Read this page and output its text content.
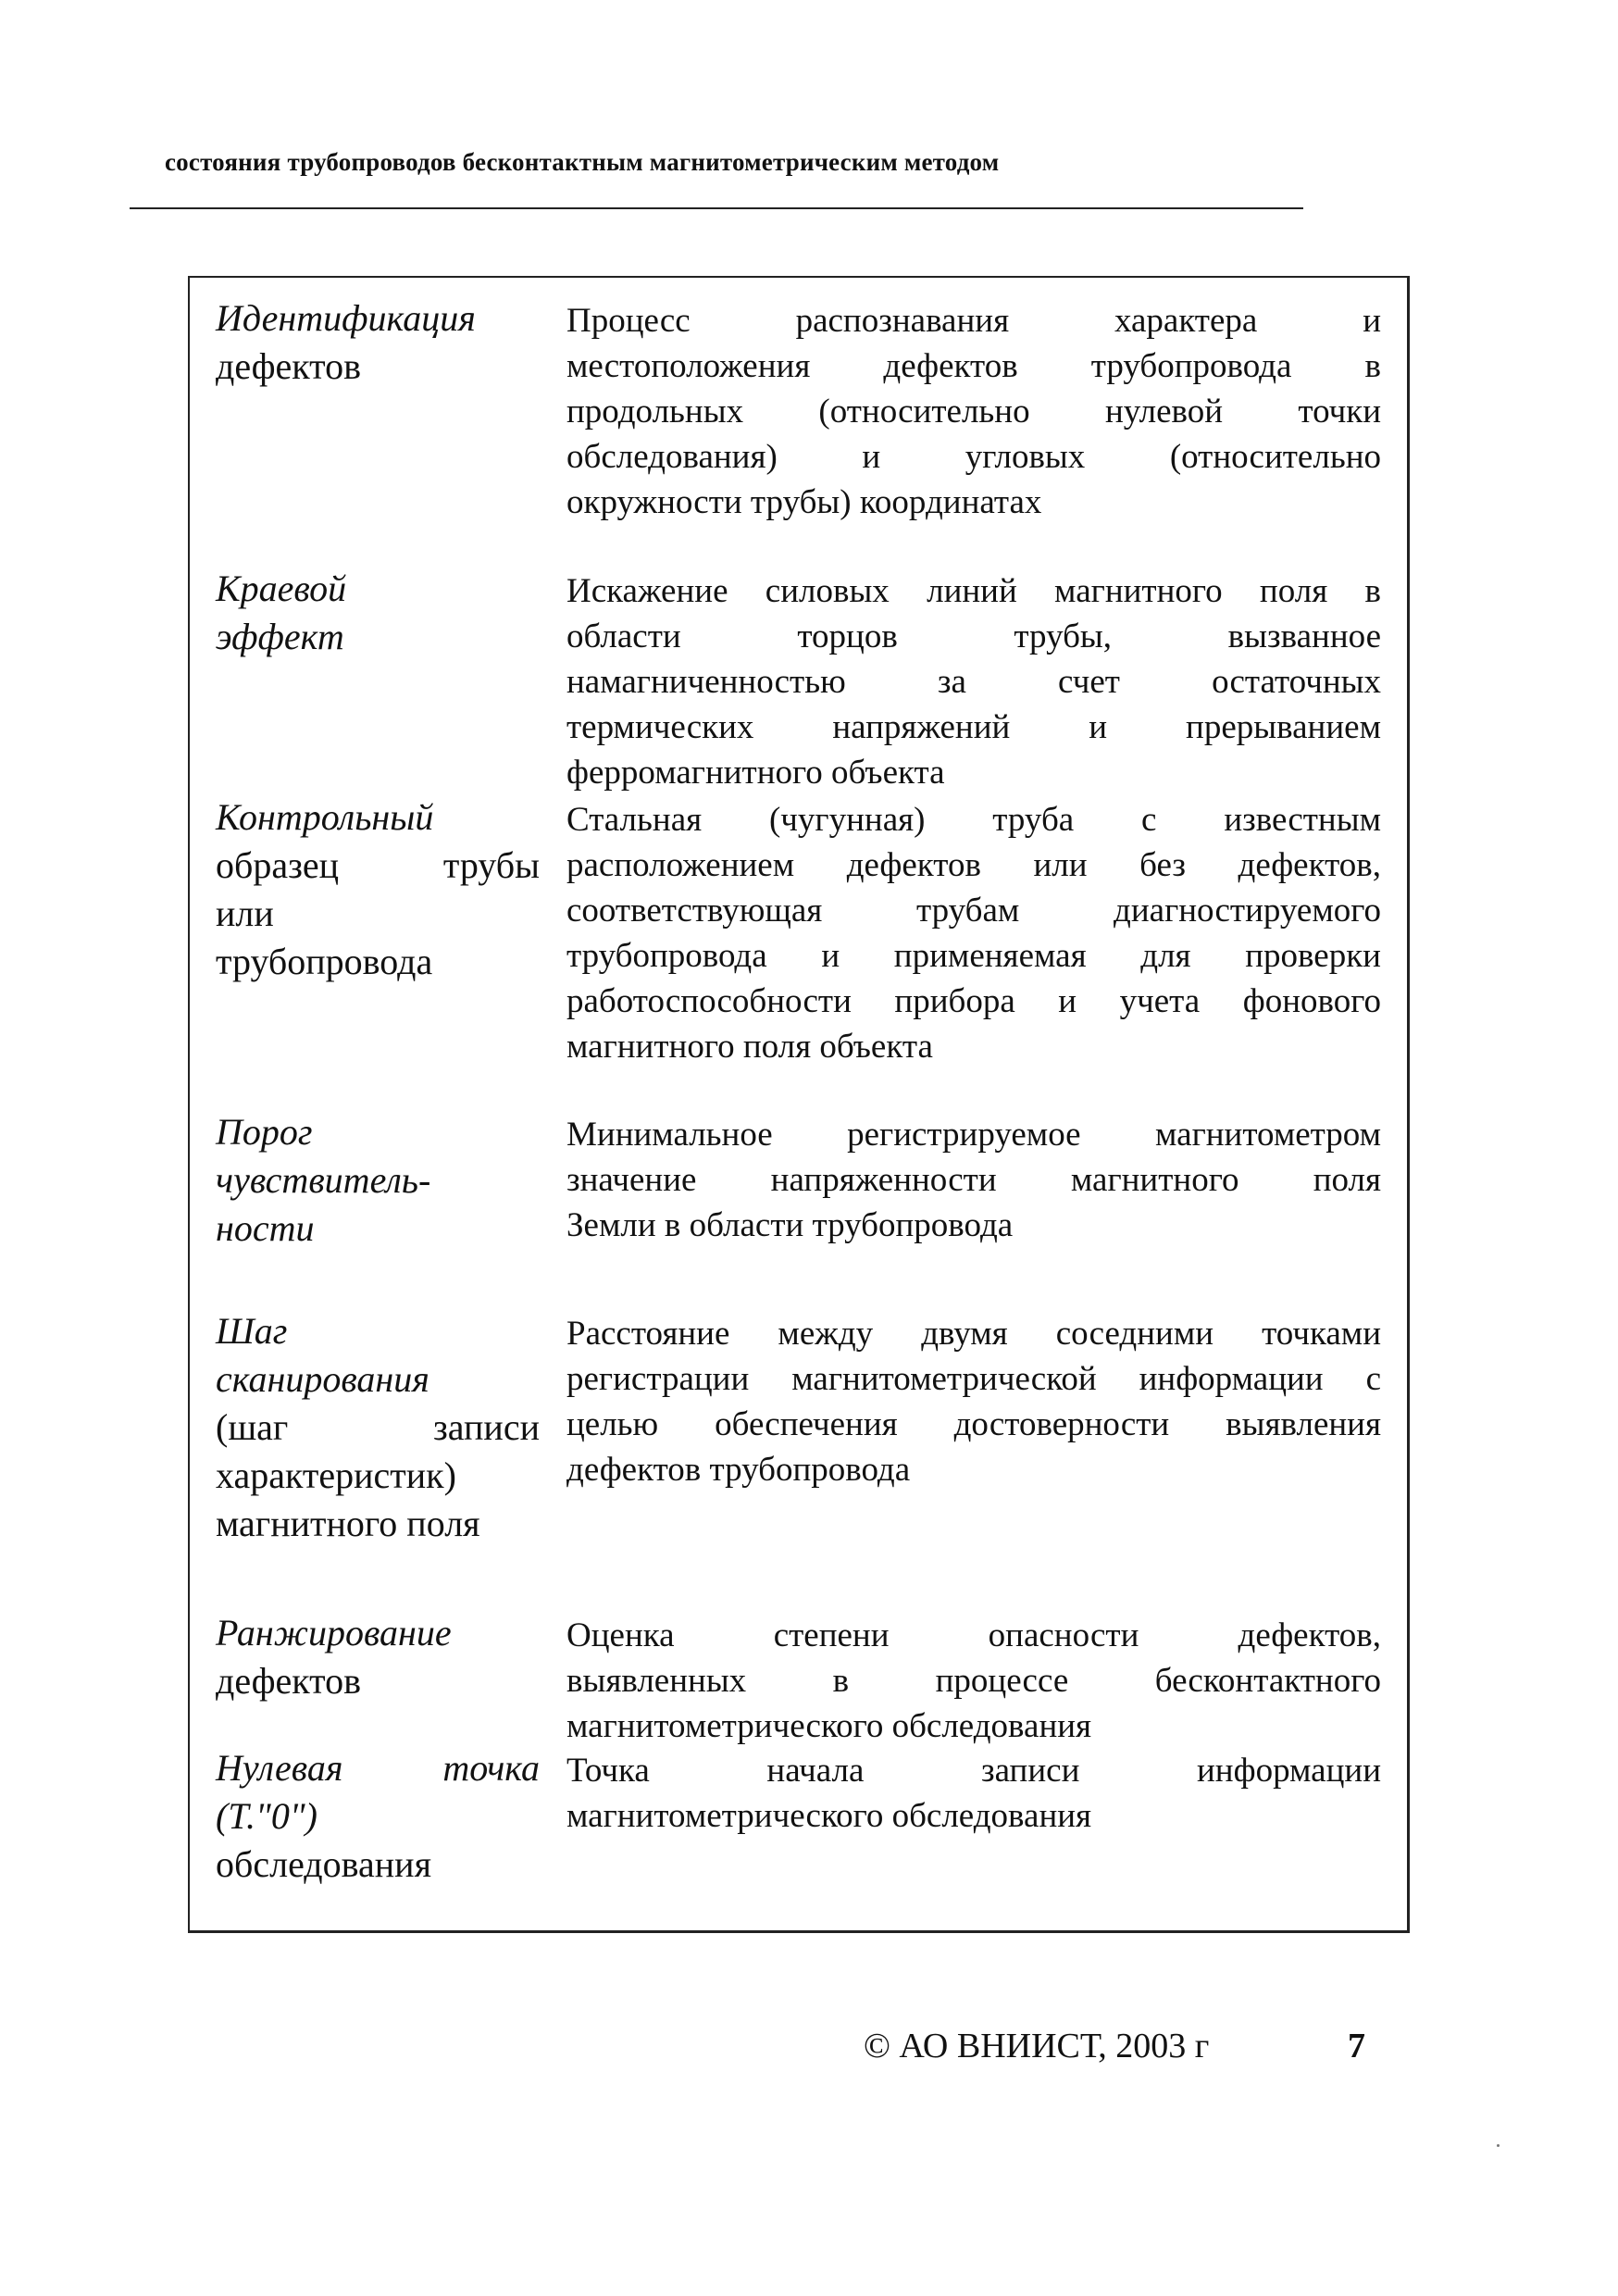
состояния трубопроводов бесконтактным магнитометрическим методом
Идентификация
дефектов
Процесс распознавания характера и
местоположения дефектов трубопровода в
продольных (относительно нулевой точки
обследования) и угловых (относительно
окружности трубы) координатах
Краевой
эффект
Искажение силовых линий магнитного поля в
области торцов трубы, вызванное
намагниченностью за счет остаточных
термических напряжений и прерыванием
ферромагнитного объекта
Контрольный
образец трубы
или
трубопровода
Стальная (чугунная) труба с известным
расположением дефектов или без дефектов,
соответствующая трубам диагностируемого
трубопровода и применяемая для проверки
работоспособности прибора и учета фонового
магнитного поля объекта
Порог
чувствитель-
ности
Минимальное регистрируемое магнитометром
значение напряженности магнитного поля
Земли в области трубопровода
Шаг
сканирования
(шаг записи
характеристик)
магнитного поля
Расстояние между двумя соседними точками
регистрации магнитометрической информации с
целью обеспечения достоверности выявления
дефектов трубопровода
Ранжирование
дефектов
Оценка степени опасности дефектов,
выявленных в процессе бесконтактного
магнитометрического обследования
Нулевая точка
(Т."0")
обследования
Точка начала записи информации
магнитометрического обследования
© АО ВНИИСТ, 2003 г	7
